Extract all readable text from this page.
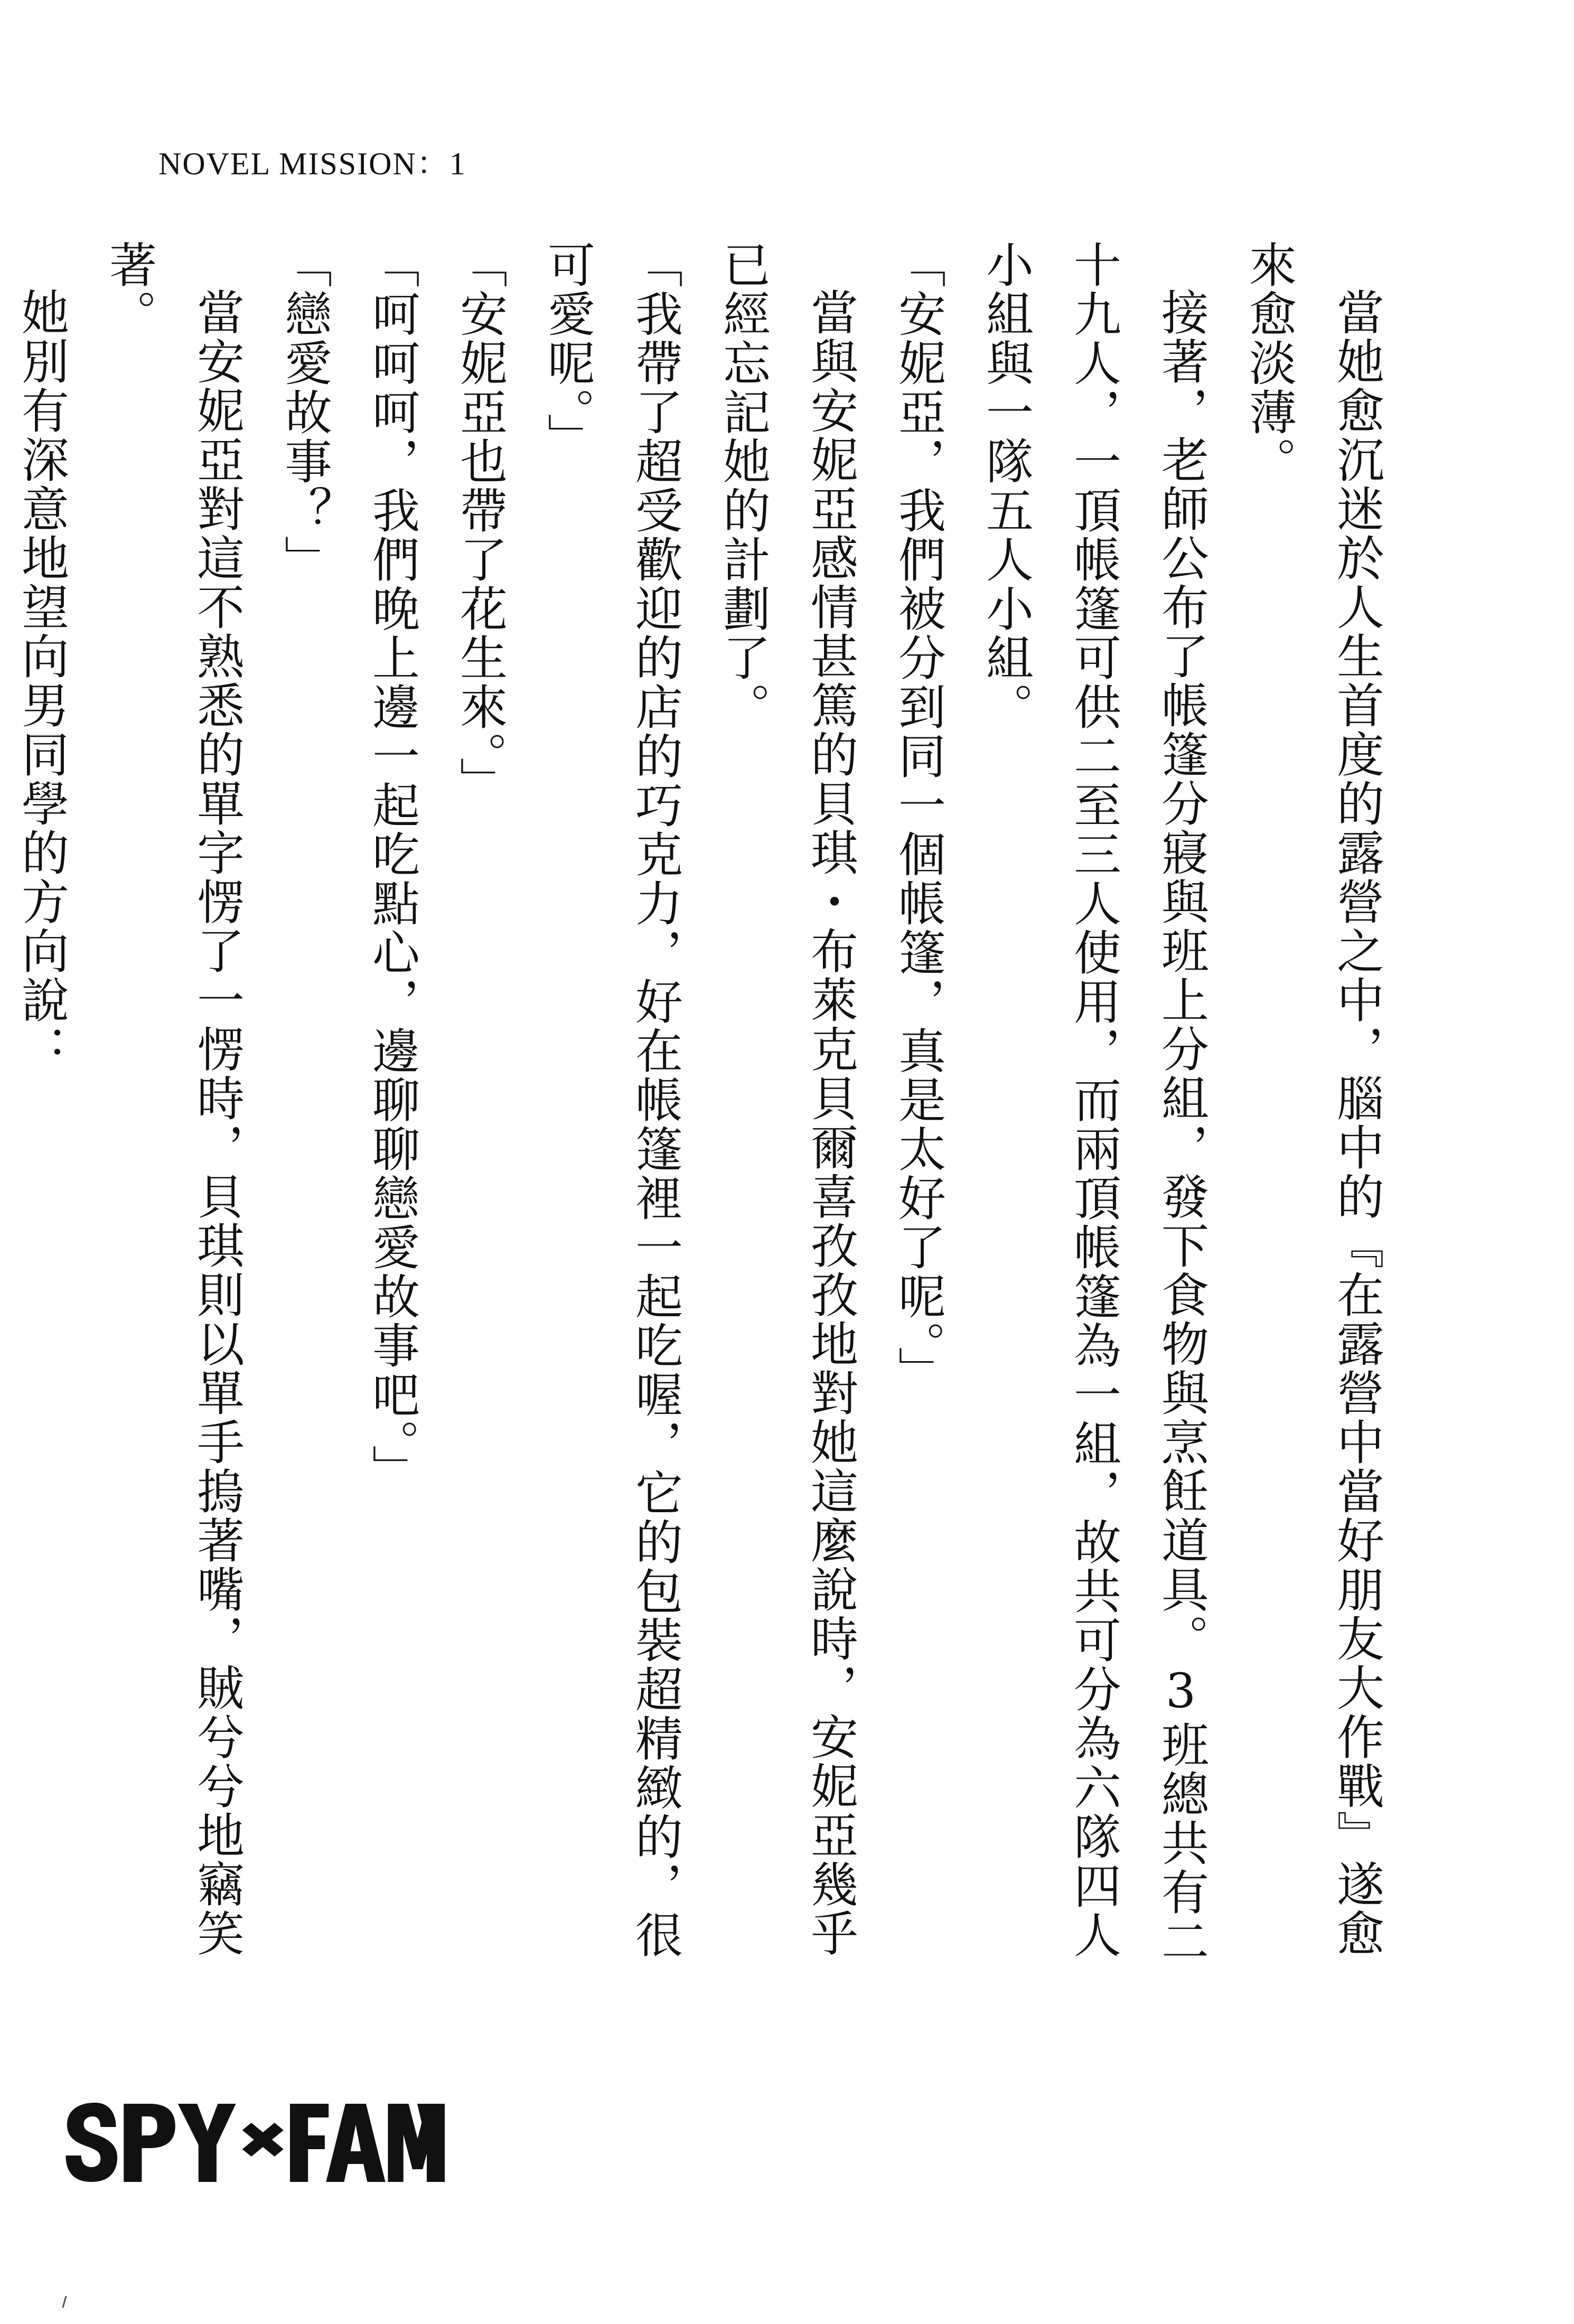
NOVEL MISSION：1

當她愈沉迷於人生首度的露營之中，腦中的『在露營中當好朋友大作戰』遂愈來愈淡薄。

接著，老師公布了帳篷分寢與班上分組，發下食物與烹飪道具。3班總共有二十九人，一頂帳篷可供二至三人使用，而兩頂帳篷為一組，故共可分為六隊四人小組與一隊五人小組。

「安妮亞，我們被分到同一個帳篷，真是太好了呢。」

當與安妮亞感情甚篤的貝琪・布萊克貝爾喜孜孜地對她這麼說時，安妮亞幾乎已經忘記她的計劃了。

「我帶了超受歡迎的店的巧克力，好在帳篷裡一起吃喔，它的包裝超精緻的，很可愛呢。」

「安妮亞也帶了花生來。」

「呵呵呵，我們晚上邊一起吃點心，邊聊聊戀愛故事吧。」

「戀愛故事？」

當安妮亞對這不熟悉的單字愣了一愣時，貝琪則以單手摀著嘴，賊兮兮地竊笑著。

她別有深意地望向男同學的方向說：
